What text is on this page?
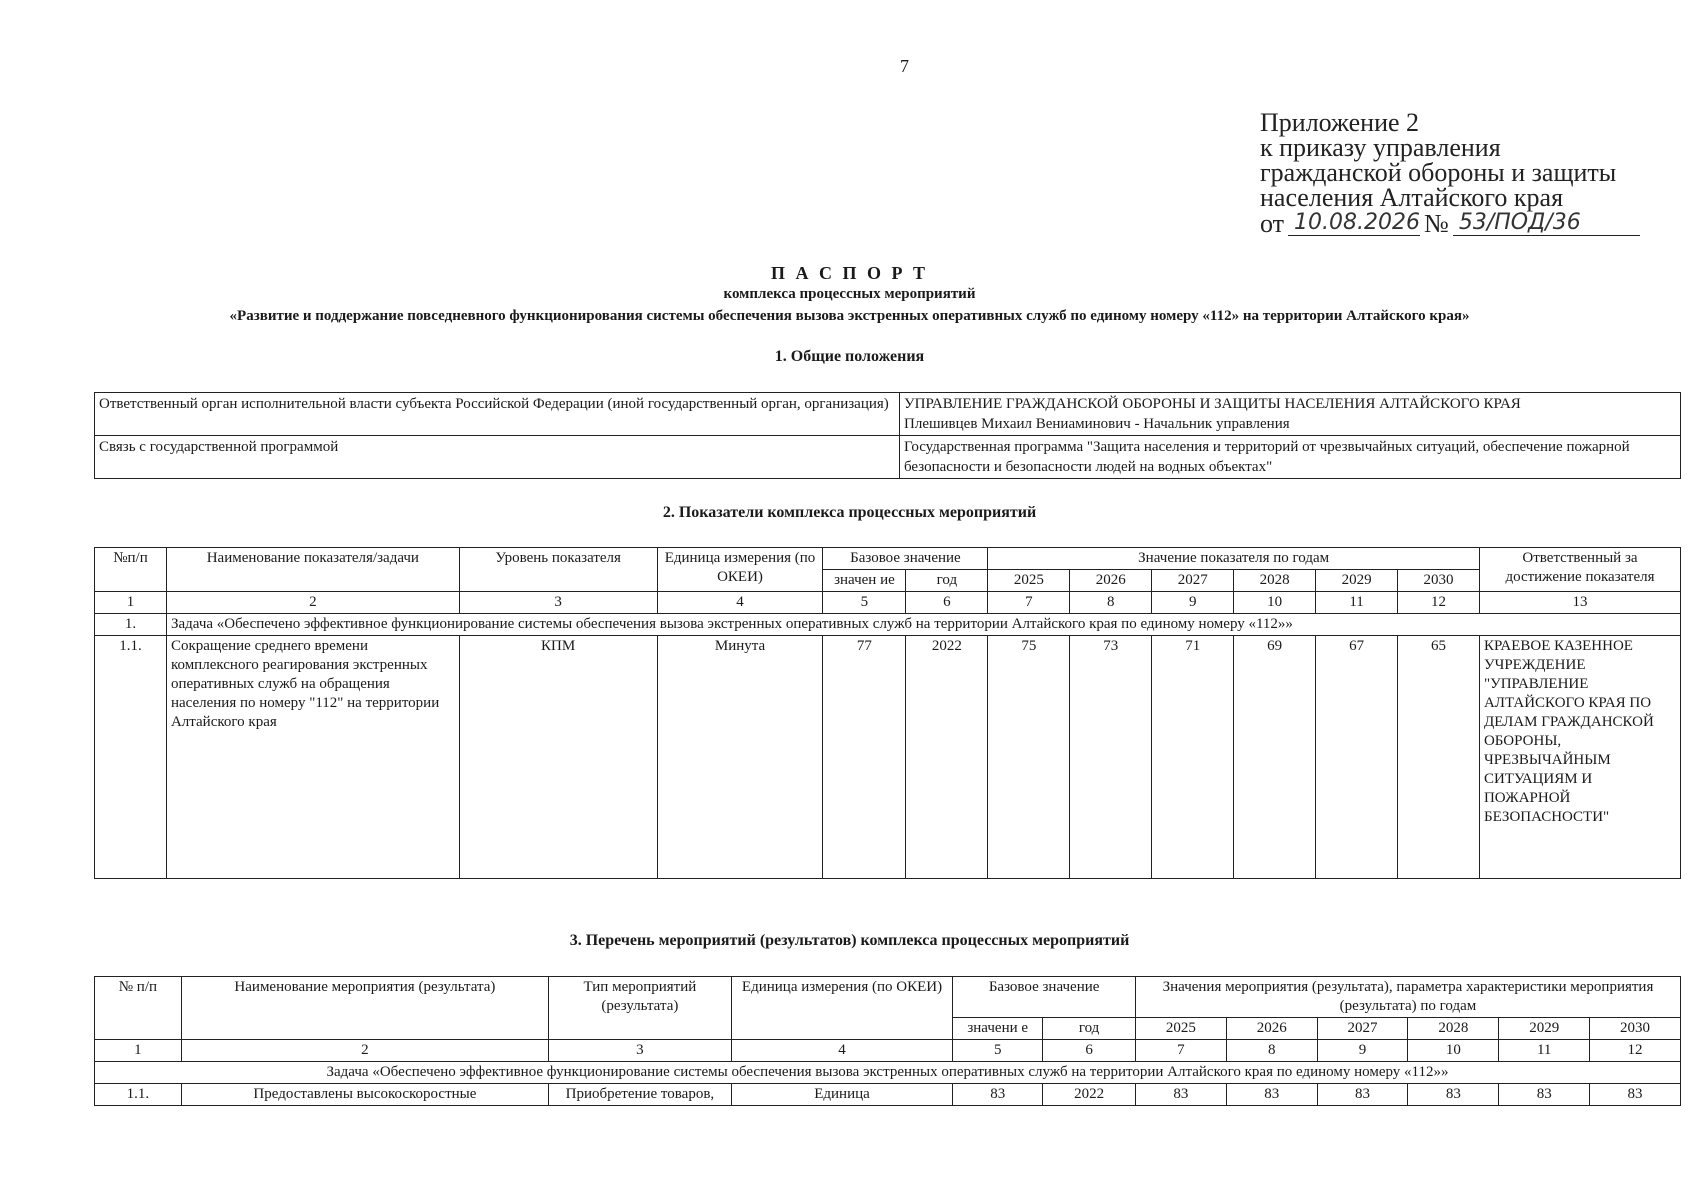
7
Приложение 2
к приказу управления
гражданской обороны и защиты
населения Алтайского края
от 10.08.2026 № 53/ПОД/36
П А С П О Р Т
комплекса процессных мероприятий
«Развитие и поддержание повседневного функционирования системы обеспечения вызова экстренных оперативных служб по единому номеру «112» на территории Алтайского края»
1. Общие положения
Ответственный орган исполнительной власти субъекта Российской Федерации (иной государственный орган, организация)	УПРАВЛЕНИЕ ГРАЖДАНСКОЙ ОБОРОНЫ И ЗАЩИТЫ НАСЕЛЕНИЯ АЛТАЙСКОГО КРАЯ
Плешивцев Михаил Вениаминович - Начальник управления

Связь с государственной программой	Государственная программа "Защита населения и территорий от чрезвычайных ситуаций, обеспечение пожарной безопасности и безопасности людей на водных объектах"
2. Показатели комплекса процессных мероприятий
№п/п	Наименование показателя/задачи	Уровень показателя	Единица измерения (по ОКЕИ)	Базовое значение		Значение показателя по годам						Ответственный за достижение показателя
				значен ие	год	2025	2026	2027	2028	2029	2030	
1	2	3	4	5	6	7	8	9	10	11	12	13
1.	Задача «Обеспечено эффективное функционирование системы обеспечения вызова экстренных оперативных служб на территории Алтайского края по единому номеру «112»»											
1.1.	Сокращение среднего времени комплексного реагирования экстренных оперативных служб на обращения населения по номеру "112" на территории Алтайского края	КПМ	Минута	77	2022	75	73	71	69	67	65	КРАЕВОЕ КАЗЕННОЕ УЧРЕЖДЕНИЕ "УПРАВЛЕНИЕ АЛТАЙСКОГО КРАЯ ПО ДЕЛАМ ГРАЖДАНСКОЙ ОБОРОНЫ, ЧРЕЗВЫЧАЙНЫМ СИТУАЦИЯМ И ПОЖАРНОЙ БЕЗОПАСНОСТИ"
3. Перечень мероприятий (результатов) комплекса процессных мероприятий
№ п/п	Наименование мероприятия (результата)	Тип мероприятий (результата)	Единица измерения (по ОКЕИ)	Базовое значение		Значения мероприятия (результата), параметра характеристики мероприятия (результата) по годам					
				значени е	год	2025	2026	2027	2028	2029	2030
1	2	3	4	5	6	7	8	9	10	11	12
Задача «Обеспечено эффективное функционирование системы обеспечения вызова экстренных оперативных служб на территории Алтайского края по единому номеру «112»»											
1.1.	Предоставлены высокоскоростные	Приобретение товаров,	Единица	83	2022	83	83	83	83	83	83
